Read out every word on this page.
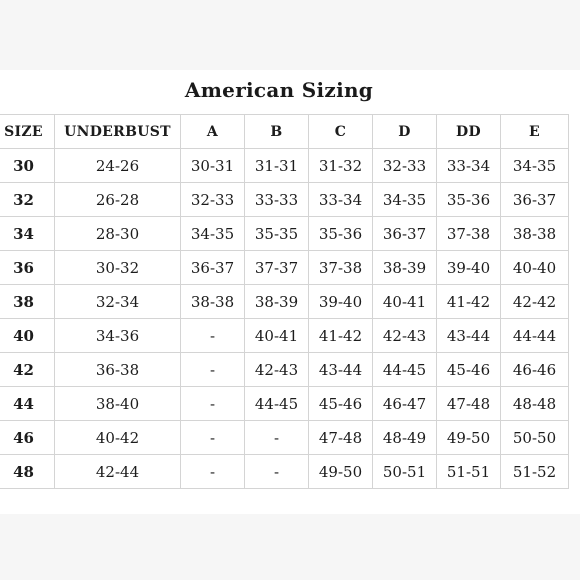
American Sizing
SIZE	UNDERBUST	A	B	C	D	DD	E
30	24-26	30-31	31-31	31-32	32-33	33-34	34-35
32	26-28	32-33	33-33	33-34	34-35	35-36	36-37
34	28-30	34-35	35-35	35-36	36-37	37-38	38-38
36	30-32	36-37	37-37	37-38	38-39	39-40	40-40
38	32-34	38-38	38-39	39-40	40-41	41-42	42-42
40	34-36	-	40-41	41-42	42-43	43-44	44-44
42	36-38	-	42-43	43-44	44-45	45-46	46-46
44	38-40	-	44-45	45-46	46-47	47-48	48-48
46	40-42	-	-	47-48	48-49	49-50	50-50
48	42-44	-	-	49-50	50-51	51-51	51-52
